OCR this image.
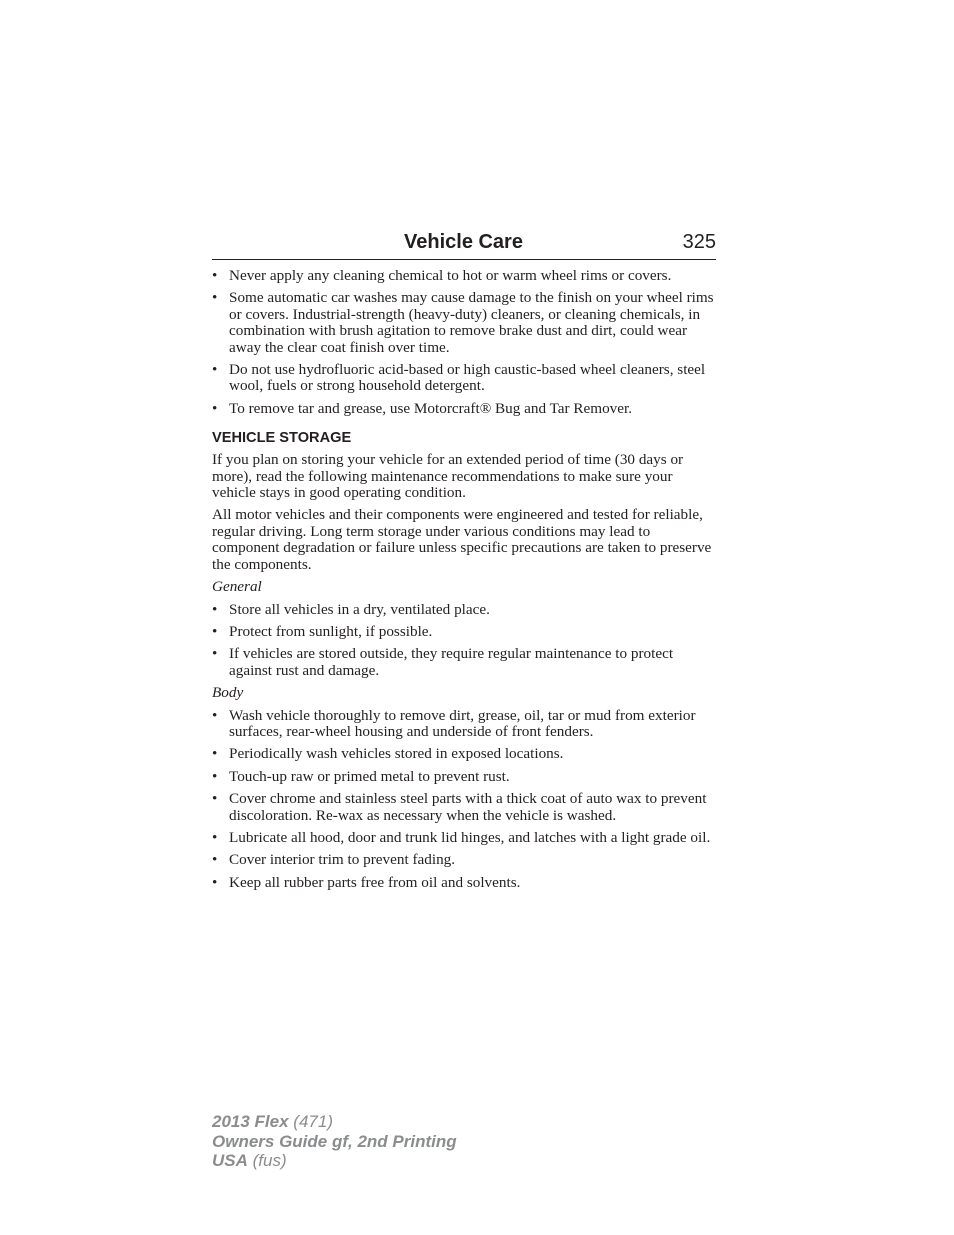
Vehicle Care	325
• Never apply any cleaning chemical to hot or warm wheel rims or covers.
• Some automatic car washes may cause damage to the finish on your wheel rims or covers. Industrial-strength (heavy-duty) cleaners, or cleaning chemicals, in combination with brush agitation to remove brake dust and dirt, could wear away the clear coat finish over time.
• Do not use hydrofluoric acid-based or high caustic-based wheel cleaners, steel wool, fuels or strong household detergent.
• To remove tar and grease, use Motorcraft® Bug and Tar Remover.
VEHICLE STORAGE

If you plan on storing your vehicle for an extended period of time (30 days or more), read the following maintenance recommendations to make sure your vehicle stays in good operating condition.

All motor vehicles and their components were engineered and tested for reliable, regular driving. Long term storage under various conditions may lead to component degradation or failure unless specific precautions are taken to preserve the components.

General
• Store all vehicles in a dry, ventilated place.
• Protect from sunlight, if possible.
• If vehicles are stored outside, they require regular maintenance to protect against rust and damage.
Body
• Wash vehicle thoroughly to remove dirt, grease, oil, tar or mud from exterior surfaces, rear-wheel housing and underside of front fenders.
• Periodically wash vehicles stored in exposed locations.
• Touch-up raw or primed metal to prevent rust.
• Cover chrome and stainless steel parts with a thick coat of auto wax to prevent discoloration. Re-wax as necessary when the vehicle is washed.
• Lubricate all hood, door and trunk lid hinges, and latches with a light grade oil.
• Cover interior trim to prevent fading.
• Keep all rubber parts free from oil and solvents.
2013 Flex (471)
Owners Guide gf, 2nd Printing
USA (fus)
